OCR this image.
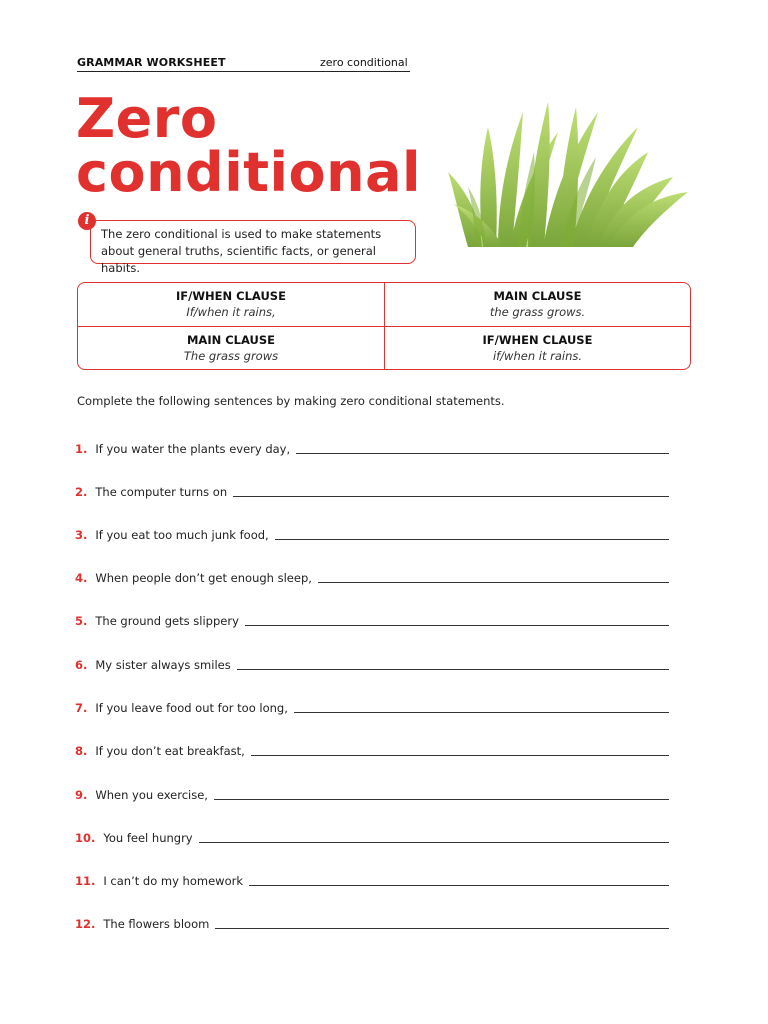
GRAMMAR WORKSHEET	zero conditional
Zero
conditional
i
The zero conditional is used to make statements about general truths, scientific facts, or general habits.
IF/WHEN CLAUSE
If/when it rains,
MAIN CLAUSE
the grass grows.
MAIN CLAUSE
The grass grows
IF/WHEN CLAUSE
if/when it rains.
Complete the following sentences by making zero conditional statements.
1. If you water the plants every day,
2. The computer turns on
3. If you eat too much junk food,
4. When people don’t get enough sleep,
5. The ground gets slippery
6. My sister always smiles
7. If you leave food out for too long,
8. If you don’t eat breakfast,
9. When you exercise,
10. You feel hungry
11. I can’t do my homework
12. The flowers bloom
